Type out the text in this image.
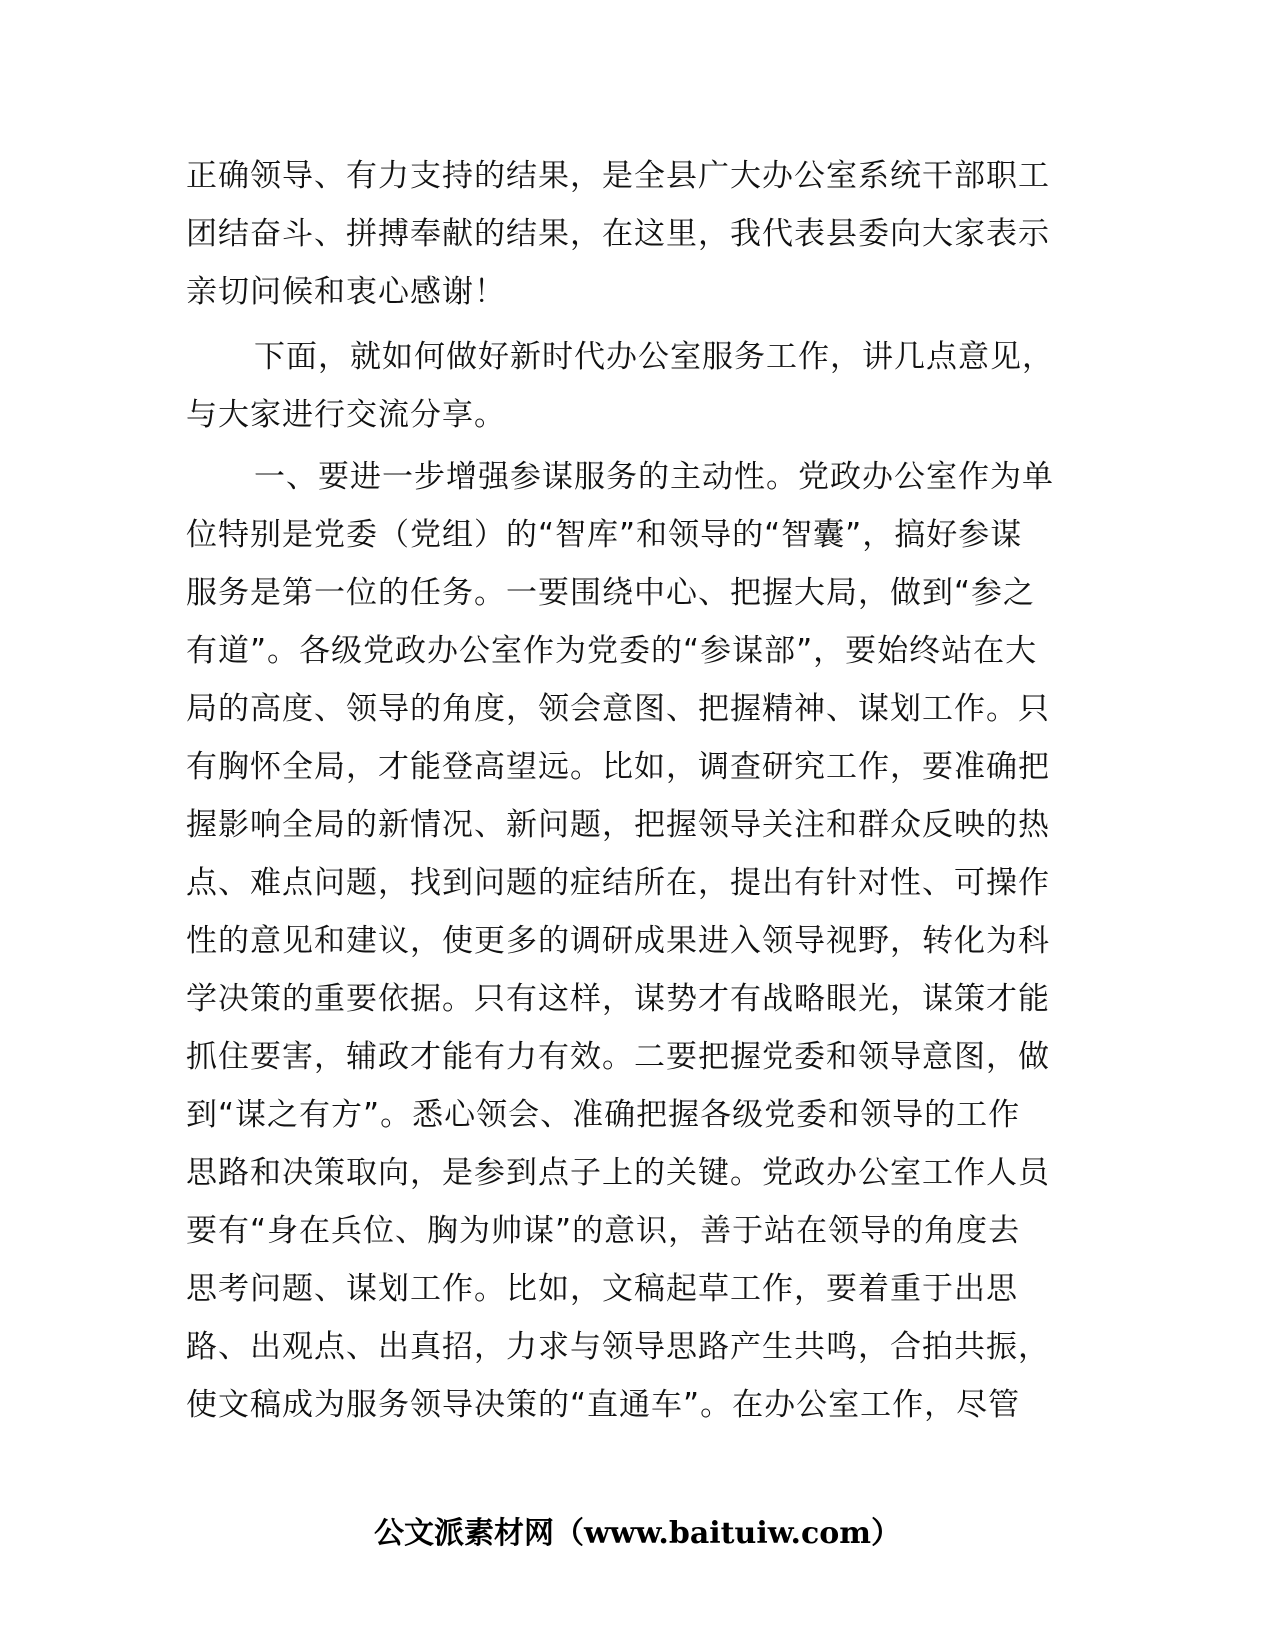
正确领导、有力支持的结果，是全县广大办公室系统干部职工
团结奋斗、拼搏奉献的结果，在这里，我代表县委向大家表示
亲切问候和衷心感谢！
下面，就如何做好新时代办公室服务工作，讲几点意见，
与大家进行交流分享。
一、要进一步增强参谋服务的主动性。党政办公室作为单
位特别是党委（党组）的“智库”和领导的“智囊”，搞好参谋
服务是第一位的任务。一要围绕中心、把握大局，做到“参之
有道”。各级党政办公室作为党委的“参谋部”，要始终站在大
局的高度、领导的角度，领会意图、把握精神、谋划工作。只
有胸怀全局，才能登高望远。比如，调查研究工作，要准确把
握影响全局的新情况、新问题，把握领导关注和群众反映的热
点、难点问题，找到问题的症结所在，提出有针对性、可操作
性的意见和建议，使更多的调研成果进入领导视野，转化为科
学决策的重要依据。只有这样，谋势才有战略眼光，谋策才能
抓住要害，辅政才能有力有效。二要把握党委和领导意图，做
到“谋之有方”。悉心领会、准确把握各级党委和领导的工作
思路和决策取向，是参到点子上的关键。党政办公室工作人员
要有“身在兵位、胸为帅谋”的意识，善于站在领导的角度去
思考问题、谋划工作。比如，文稿起草工作，要着重于出思
路、出观点、出真招，力求与领导思路产生共鸣，合拍共振，
使文稿成为服务领导决策的“直通车”。在办公室工作，尽管
公文派素材网（www.baituiw.com）
